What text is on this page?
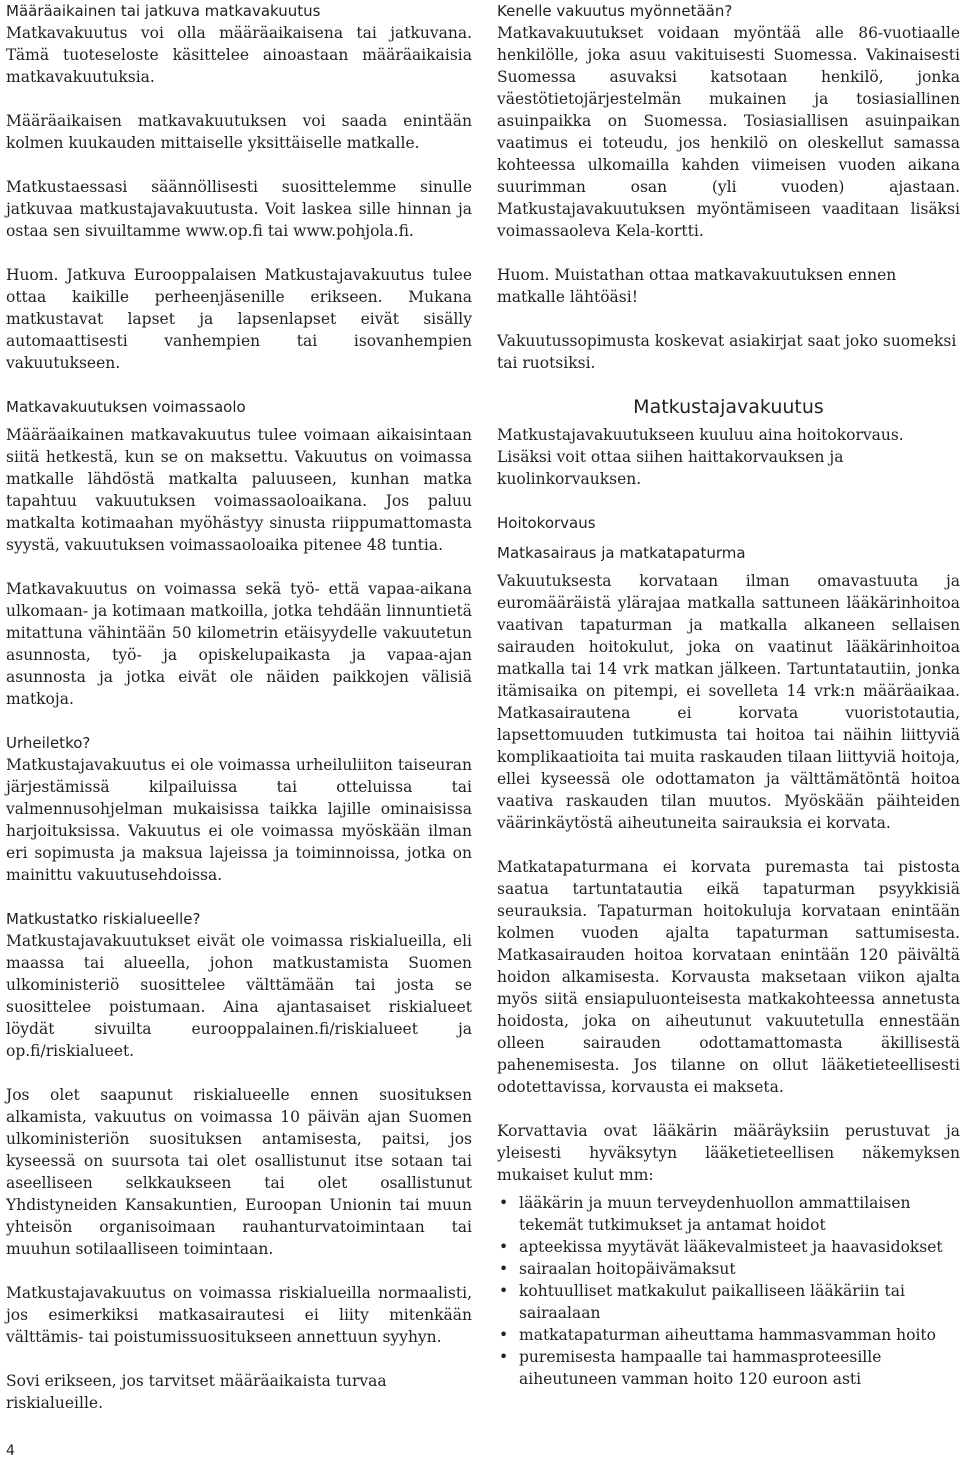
Määräaikainen tai jatkuva matkavakuutus

Matkavakuutus voi olla määräaikaisena tai jatkuvana. Tämä tuoteseloste käsittelee ainoastaan määräaikaisia matkavakuutuksia.

Määräaikaisen matkavakuutuksen voi saada enintään kolmen kuukauden mittaiselle yksittäiselle matkalle.

Matkustaessasi säännöllisesti suosittelemme sinulle jatkuvaa matkustajavakuutusta. Voit laskea sille hinnan ja ostaa sen sivuiltamme www.op.fi tai www.pohjola.fi.

Huom. Jatkuva Eurooppalaisen Matkustajavakuutus tulee ottaa kaikille perheenjäsenille erikseen. Mukana matkustavat lapset ja lapsenlapset eivät sisälly automaattisesti vanhempien tai isovanhempien vakuutukseen.

Matkavakuutuksen voimassaolo

Määräaikainen matkavakuutus tulee voimaan aikaisintaan siitä hetkestä, kun se on maksettu. Vakuutus on voimassa matkalle lähdöstä matkalta paluuseen, kunhan matka tapahtuu vakuutuksen voimassaoloaikana. Jos paluu matkalta kotimaahan myöhästyy sinusta riippumattomasta syystä, vakuutuksen voimassaoloaika pitenee 48 tuntia.

Matkavakuutus on voimassa sekä työ- että vapaa-aikana ulkomaan- ja kotimaan matkoilla, jotka tehdään linnuntietä mitattuna vähintään 50 kilometrin etäisyydelle vakuutetun asunnosta, työ- ja opiskelupaikasta ja vapaa-ajan asunnosta ja jotka eivät ole näiden paikkojen välisiä matkoja.

Urheiletko?

Matkustajavakuutus ei ole voimassa urheiluliiton taiseuran järjestämissä kilpailuissa tai otteluissa tai valmennusohjelman mukaisissa taikka lajille ominaisissa harjoituksissa. Vakuutus ei ole voimassa myöskään ilman eri sopimusta ja maksua lajeissa ja toiminnoissa, jotka on mainittu vakuutusehdoissa.

Matkustatko riskialueelle?

Matkustajavakuutukset eivät ole voimassa riskialueilla, eli maassa tai alueella, johon matkustamista Suomen ulkoministeriö suosittelee välttämään tai josta se suosittelee poistumaan. Aina ajantasaiset riskialueet löydät sivuilta eurooppalainen.fi/riskialueet ja op.fi/riskialueet.

Jos olet saapunut riskialueelle ennen suosituksen alkamista, vakuutus on voimassa 10 päivän ajan Suomen ulkoministeriön suosituksen antamisesta, paitsi, jos kyseessä on suursota tai olet osallistunut itse sotaan tai aseelliseen selkkaukseen tai olet osallistunut Yhdistyneiden Kansakuntien, Euroopan Unionin tai muun yhteisön organisoimaan rauhanturvatoimintaan tai muuhun sotilaalliseen toimintaan.

Matkustajavakuutus on voimassa riskialueilla normaalisti, jos esimerkiksi matkasairautesi ei liity mitenkään välttämis- tai poistumissuositukseen annettuun syyhyn.

Sovi erikseen, jos tarvitset määräaikaista turvaa riskialueille.

Kenelle vakuutus myönnetään?

Matkavakuutukset voidaan myöntää alle 86-vuotiaalle henkilölle, joka asuu vakituisesti Suomessa. Vakinaisesti Suomessa asuvaksi katsotaan henkilö, jonka väestötietojärjestelmän mukainen ja tosiasiallinen asuinpaikka on Suomessa. Tosiasiallisen asuinpaikan vaatimus ei toteudu, jos henkilö on oleskellut samassa kohteessa ulkomailla kahden viimeisen vuoden aikana suurimman osan (yli vuoden) ajastaan. Matkustajavakuutuksen myöntämiseen vaaditaan lisäksi voimassaoleva Kela-kortti.

Huom. Muistathan ottaa matkavakuutuksen ennen matkalle lähtöäsi!

Vakuutussopimusta koskevat asiakirjat saat joko suomeksi tai ruotsiksi.

Matkustajavakuutus

Matkustajavakuutukseen kuuluu aina hoitokorvaus. Lisäksi voit ottaa siihen haittakorvauksen ja kuolinkorvauksen.

Hoitokorvaus
Matkasairaus ja matkatapaturma

Vakuutuksesta korvataan ilman omavastuuta ja euromääräistä ylärajaa matkalla sattuneen lääkärinhoitoa vaativan tapaturman ja matkalla alkaneen sellaisen sairauden hoitokulut, joka on vaatinut lääkärinhoitoa matkalla tai 14 vrk matkan jälkeen. Tartuntatautiin, jonka itämisaika on pitempi, ei sovelleta 14 vrk:n määräaikaa. Matkasairautena ei korvata vuoristotautia, lapsettomuuden tutkimusta tai hoitoa tai näihin liittyviä komplikaatioita tai muita raskauden tilaan liittyviä hoitoja, ellei kyseessä ole odottamaton ja välttämätöntä hoitoa vaativa raskauden tilan muutos. Myöskään päihteiden väärinkäytöstä aiheutuneita sairauksia ei korvata.

Matkatapaturmana ei korvata puremasta tai pistosta saatua tartuntatautia eikä tapaturman psyykkisiä seurauksia. Tapaturman hoitokuluja korvataan enintään kolmen vuoden ajalta tapaturman sattumisesta. Matkasairauden hoitoa korvataan enintään 120 päivältä hoidon alkamisesta. Korvausta maksetaan viikon ajalta myös siitä ensiapuluonteisesta matkakohteessa annetusta hoidosta, joka on aiheutunut vakuutetulla ennestään olleen sairauden odottamattomasta äkillisestä pahenemisesta. Jos tilanne on ollut lääketieteellisesti odotettavissa, korvausta ei makseta.

Korvattavia ovat lääkärin määräyksiin perustuvat ja yleisesti hyväksytyn lääketieteellisen näkemyksen mukaiset kulut mm:

• lääkärin ja muun terveydenhuollon ammattilaisen tekemät tutkimukset ja antamat hoidot
• apteekissa myytävät lääkevalmisteet ja haavasidokset
• sairaalan hoitopäivämaksut
• kohtuulliset matkakulut paikalliseen lääkäriin tai sairaalaan
• matkatapaturman aiheuttama hammasvamman hoito
• puremisesta hampaalle tai hammasproteesille aiheutuneen vamman hoito 120 euroon asti
4
